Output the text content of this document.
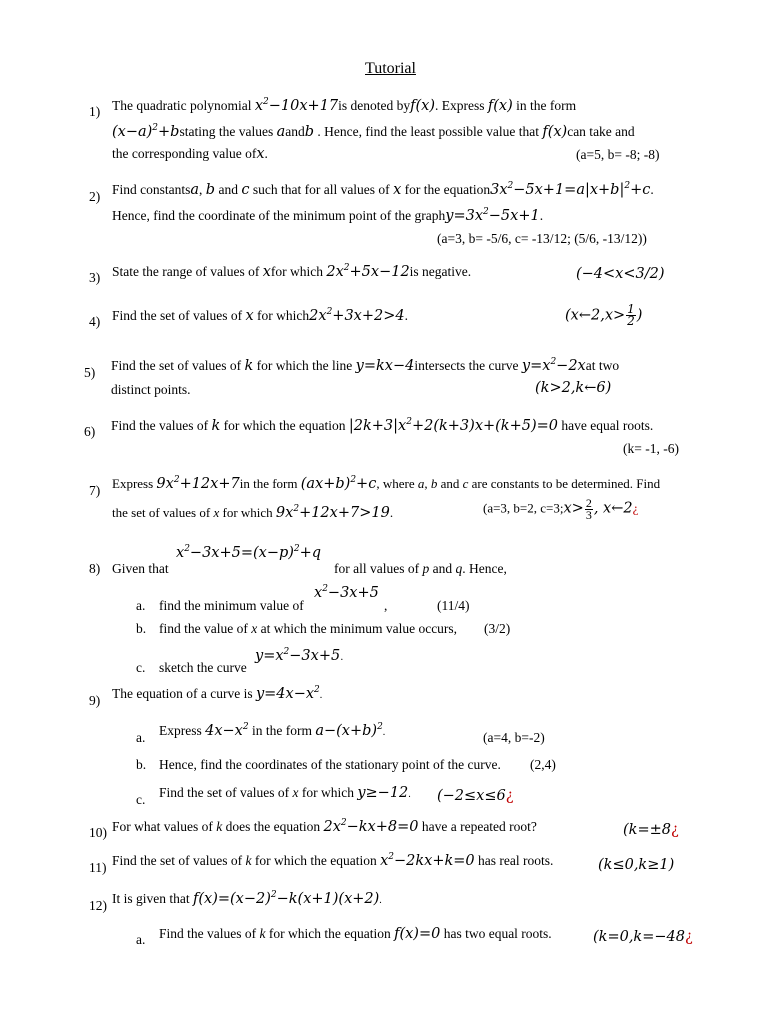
Tutorial
1) The quadratic polynomial $x^2-10x+17is$ denoted byf(x). Express f(x) in the form
$(x-a)^2+bstating$ the values aandb . Hence, find the least possible value that f(x)can take and
the corresponding value ofx.	(a=5, b= -8; -8)
2) Find constantsa, b and c such that for all values of x for the $equation3x^2-5x+1=a|x+b|^2+c$.
Hence, find the coordinate of the minimum point of the $graphy=3x^2-5x+1$.
(a=3, b= -5/6, c= -13/12; (5/6, -13/12))
3) State the range of values of xfor which $2x^2+5x-12is$ negative.	(−4<x<3/2)
4) Find the set of values of x for $which2x^2+3x+2>4$.	(x←2,x> $\frac{1}{2}$ )
5) Find the set of values of k for which the line y=kx−4intersects the curve $y=x^2-2xat$ two
distinct points.	(k>2,k←6)
6) Find the values of k for which the equation $|2k+3|x^2+2(k+3)x+(k+5)=0$ have equal roots.
(k= -1, -6)
7) Express $9x^2+12x+7in$ the form $(ax+b)^2+c$, where a, b and c are constants to be determined. Find
the set of values of x for which $9x^2+12x+7>19$.	(a=3, b=2, c=3;x> $\frac{2}{3}$ , x←2¿
8) Given that
$x^2-3x+5=(x-p)^2+q$
for all values of p and q. Hence,
a. find the minimum value of
$x^2-3x+5$
,	(11/4)
b. find the value of x at which the minimum value occurs, (3/2)
c. sketch the curve
$y=x^2-3x+5$.
9) The equation of a curve is $y=4x-x^2$.
a. Express $4x-x^2$ in the form $a-(x+b)^2$.	(a=4, b=-2)
b. Hence, find the coordinates of the stationary point of the curve. (2,4)
c. Find the set of values of x for which y≥−12. (−2≤x≤6¿
10) For what values of k does the equation $2x^2-kx+8=0$ have a repeated root?	(k=±8¿
11) Find the set of values of k for which the equation $x^2-2kx+k=0$ has real roots.	(k≤0,k≥1)
12) It is given that $f(x)=(x-2)^2-k(x+1)(x+2)$.
a. Find the values of k for which the equation f(x)=0 has two equal roots.	(k=0,k=−48¿
